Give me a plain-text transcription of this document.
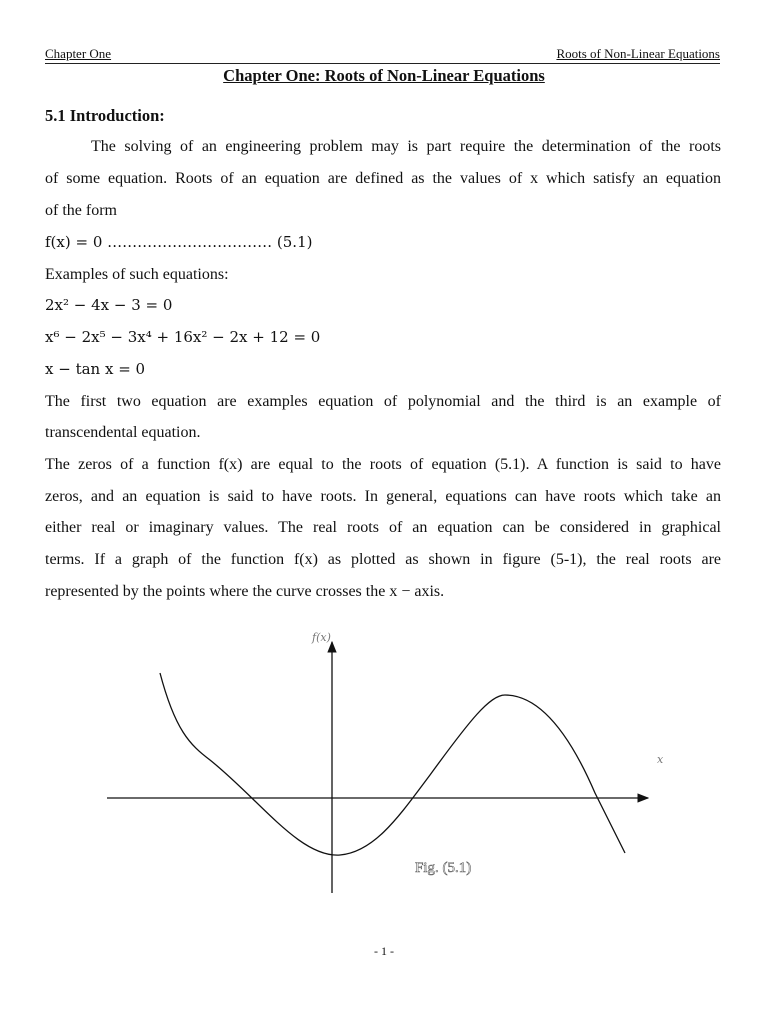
Chapter One	Roots of Non-Linear Equations
Chapter One: Roots of Non-Linear Equations
5.1 Introduction:
The solving of an engineering problem may is part require the determination of the roots
of some equation. Roots of an equation are defined as the values of x which satisfy an equation
of the form
f(x) = 0 …………………………… (5.1)
Examples of such equations:
2x² − 4x − 3 = 0
x⁶ − 2x⁵ − 3x⁴ + 16x² − 2x + 12 = 0
x − tan x = 0
The first two equation are examples equation of polynomial and the third is an example of
transcendental equation.
The zeros of a function f(x) are equal to the roots of equation (5.1). A function is said to have
zeros, and an equation is said to have roots. In general, equations can have roots which take an
either real or imaginary values. The real roots of an equation can be considered in graphical
terms. If a graph of the function f(x) as plotted as shown in figure (5-1), the real roots are
represented by the points where the curve crosses the x − axis.
f(x)
x
Fig. (5.1)
- 1 -
